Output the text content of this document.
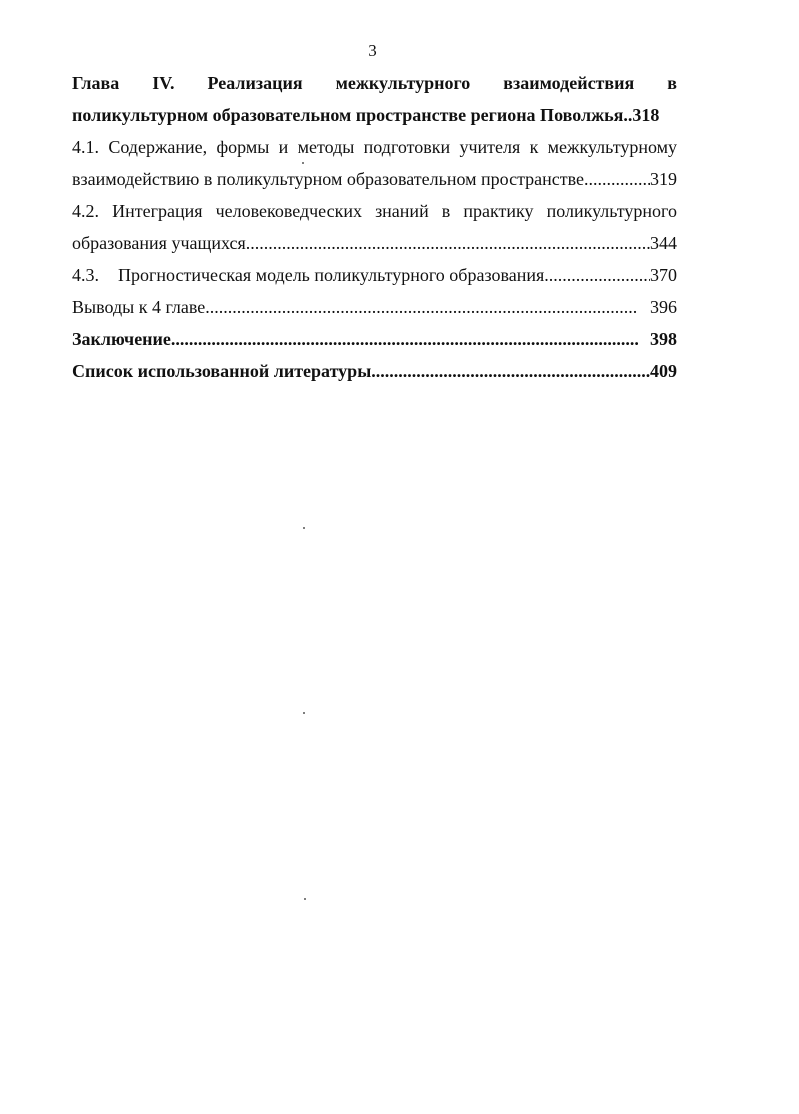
3
Глава IV. Реализация межкультурного взаимодействия в
поликультурном образовательном пространстве региона Поволжья..318
4.1. Содержание, формы и методы подготовки учителя к межкультурному
взаимодействию в поликультурном образовательном пространстве .....	319
4.2. Интеграция человековедческих знаний в практику поликультурного
образования учащихся .....	344
4.3. Прогностическая модель поликультурного образования .....	370
Выводы к 4 главе .....	396
Заключение .....	398
Список использованной литературы .....	409
